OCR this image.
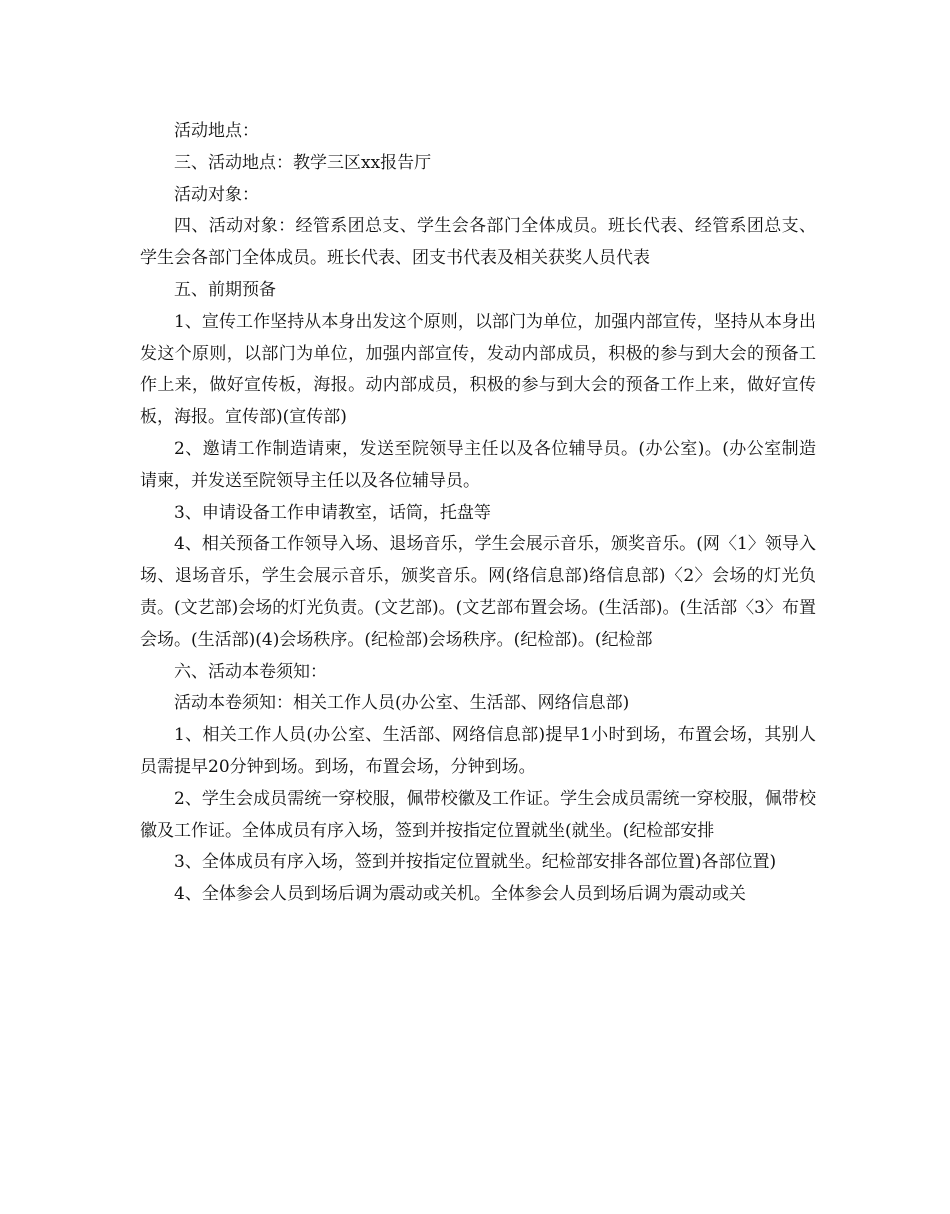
活动地点：

三、活动地点：教学三区xx报告厅

活动对象：

四、活动对象：经管系团总支、学生会各部门全体成员。班长代表、经管系团总支、学生会各部门全体成员。班长代表、团支书代表及相关获奖人员代表

五、前期预备

1、宣传工作坚持从本身出发这个原则，以部门为单位，加强内部宣传，坚持从本身出发这个原则，以部门为单位，加强内部宣传，发动内部成员，积极的参与到大会的预备工作上来，做好宣传板，海报。动内部成员，积极的参与到大会的预备工作上来，做好宣传板，海报。宣传部)(宣传部)

2、邀请工作制造请柬，发送至院领导主任以及各位辅导员。(办公室)。(办公室制造请柬，并发送至院领导主任以及各位辅导员。

3、申请设备工作申请教室，话筒，托盘等

4、相关预备工作领导入场、退场音乐，学生会展示音乐，颁奖音乐。(网〈1〉领导入场、退场音乐，学生会展示音乐，颁奖音乐。网(络信息部)络信息部)〈2〉会场的灯光负责。(文艺部)会场的灯光负责。(文艺部)。(文艺部布置会场。(生活部)。(生活部〈3〉布置会场。(生活部)(4)会场秩序。(纪检部)会场秩序。(纪检部)。(纪检部

六、活动本卷须知：

活动本卷须知：相关工作人员(办公室、生活部、网络信息部)

1、相关工作人员(办公室、生活部、网络信息部)提早1小时到场，布置会场，其别人员需提早20分钟到场。到场，布置会场，分钟到场。

2、学生会成员需统一穿校服，佩带校徽及工作证。学生会成员需统一穿校服，佩带校徽及工作证。全体成员有序入场，签到并按指定位置就坐(就坐。(纪检部安排

3、全体成员有序入场，签到并按指定位置就坐。纪检部安排各部位置)各部位置)

4、全体参会人员到场后调为震动或关机。全体参会人员到场后调为震动或关
